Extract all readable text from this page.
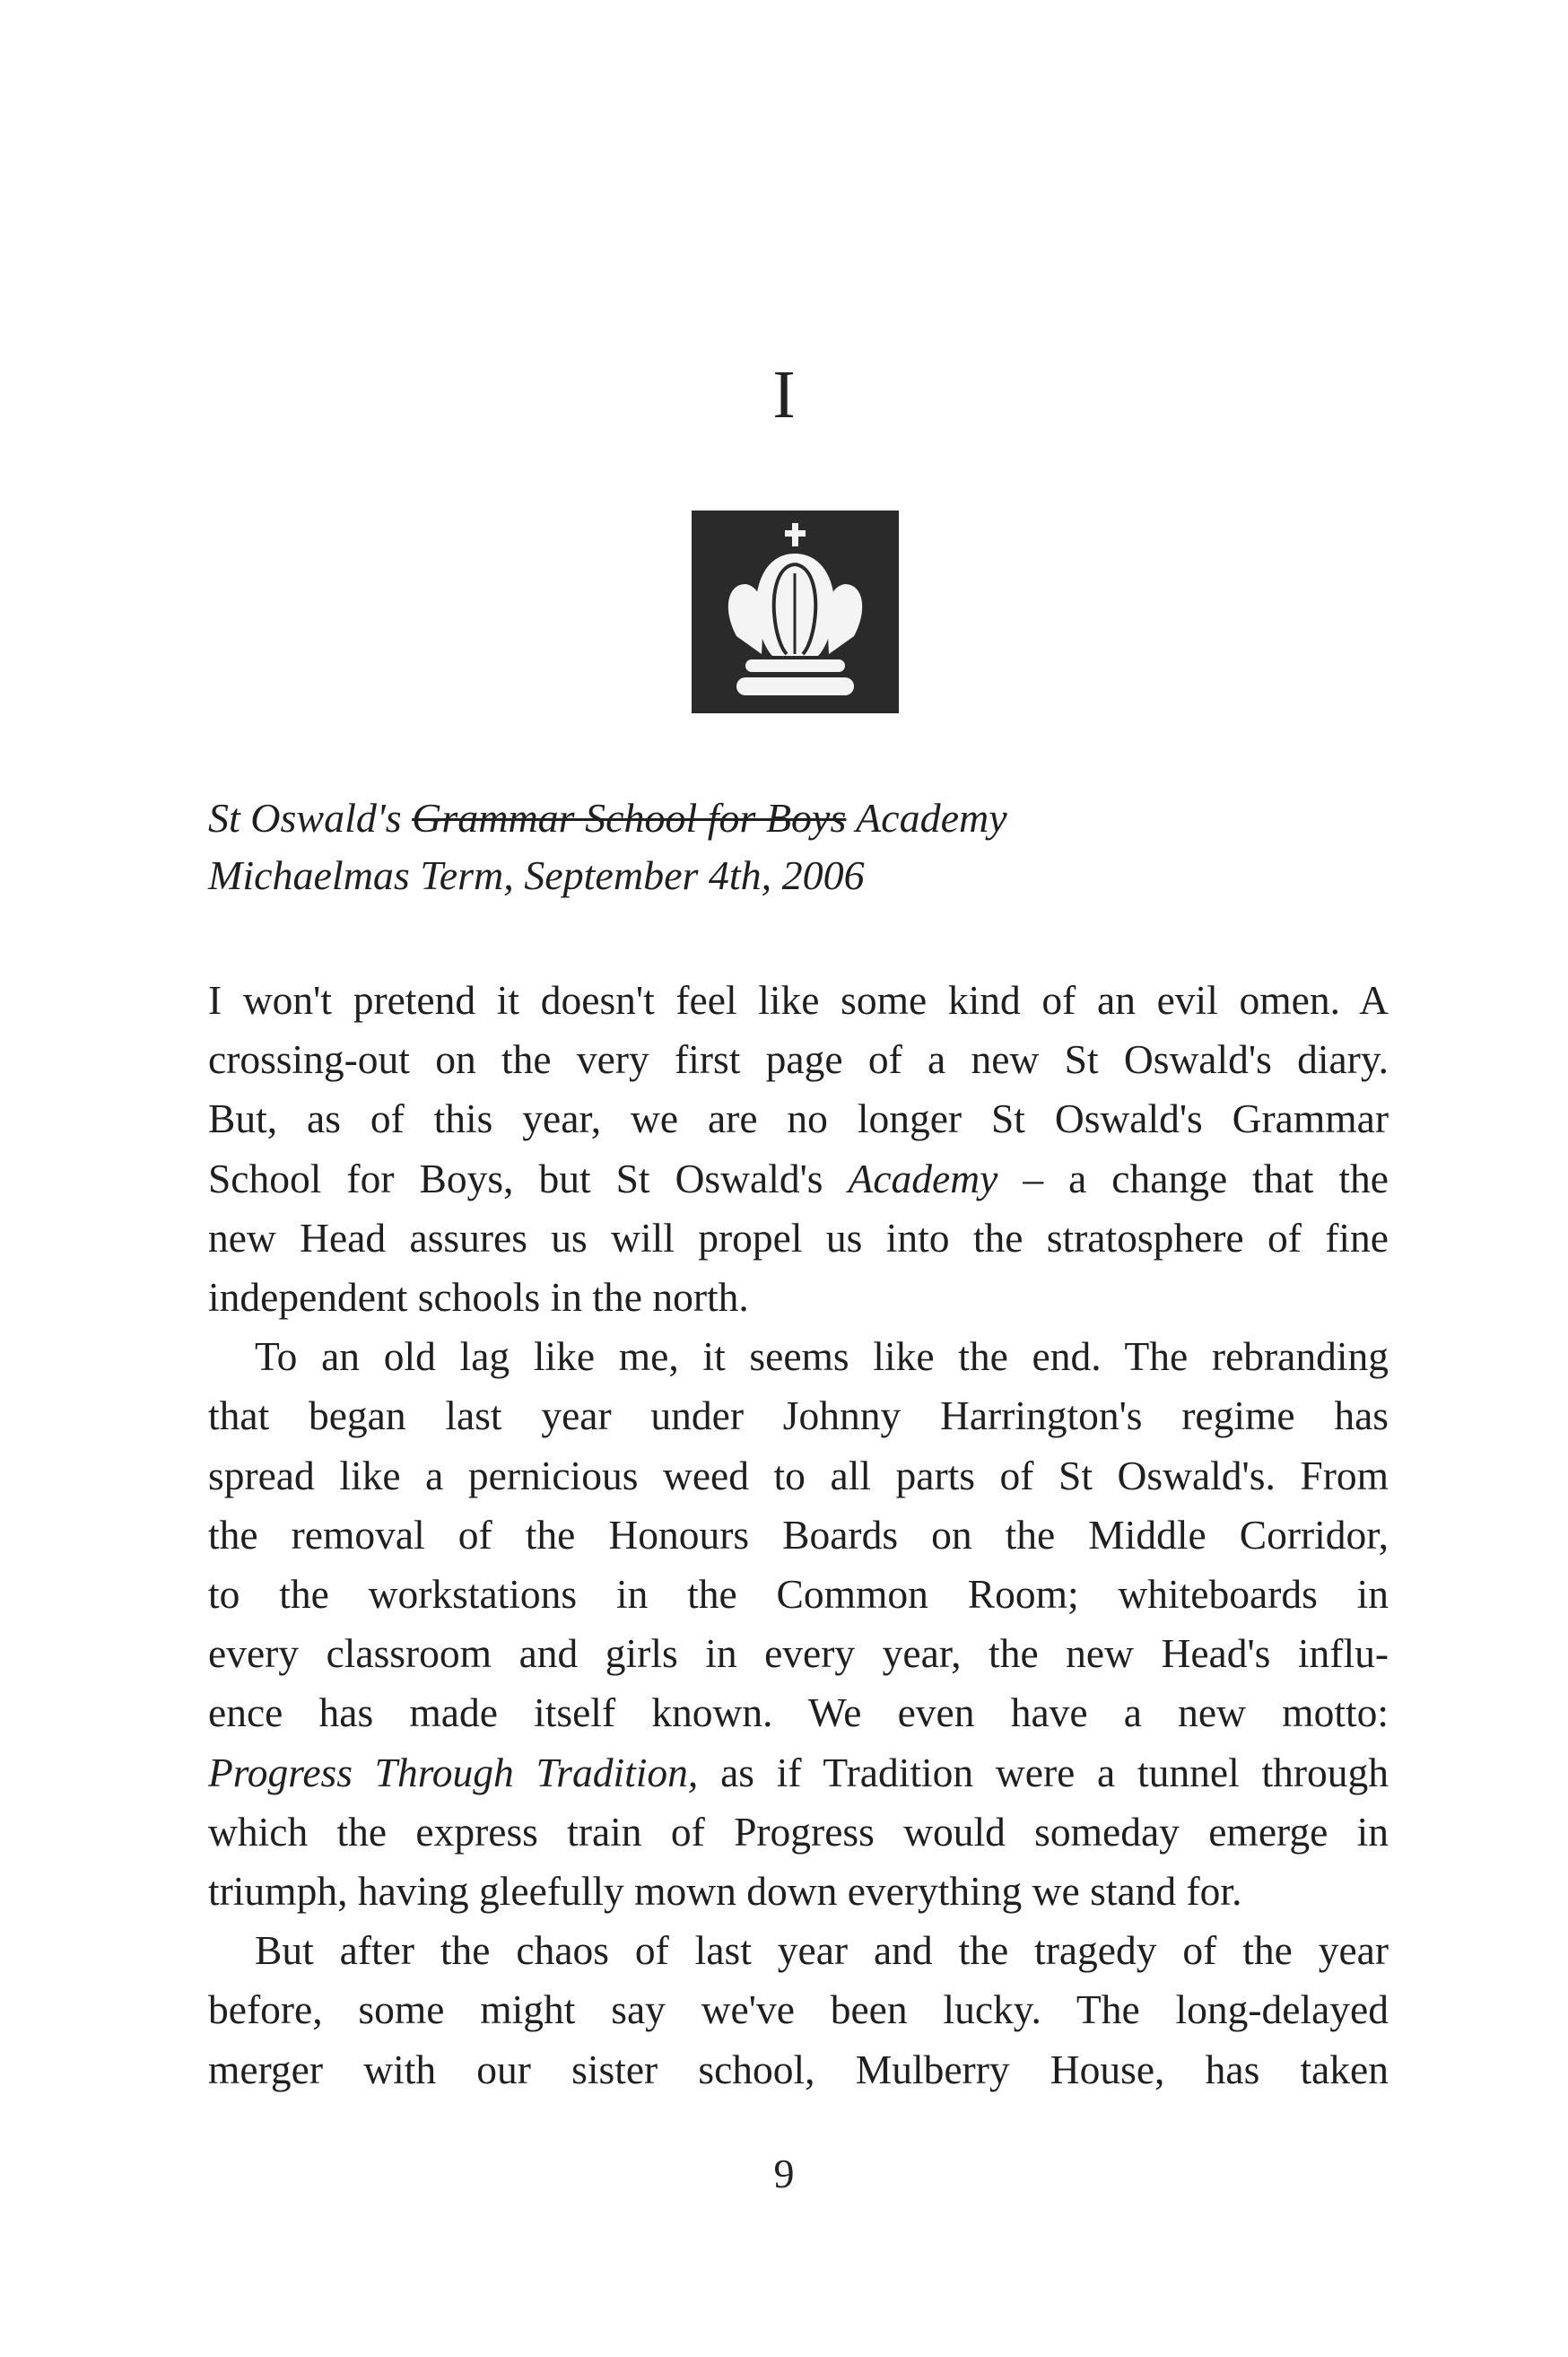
I
St Oswald's Grammar School for Boys Academy
Michaelmas Term, September 4th, 2006

I won't pretend it doesn't feel like some kind of an evil omen. A
crossing-out on the very first page of a new St Oswald's diary.
But, as of this year, we are no longer St Oswald's Grammar
School for Boys, but St Oswald's Academy – a change that the
new Head assures us will propel us into the stratosphere of fine
independent schools in the north.

To an old lag like me, it seems like the end. The rebranding
that began last year under Johnny Harrington's regime has
spread like a pernicious weed to all parts of St Oswald's. From
the removal of the Honours Boards on the Middle Corridor,
to the workstations in the Common Room; whiteboards in
every classroom and girls in every year, the new Head's influ-
ence has made itself known. We even have a new motto:
Progress Through Tradition, as if Tradition were a tunnel through
which the express train of Progress would someday emerge in
triumph, having gleefully mown down everything we stand for.

But after the chaos of last year and the tragedy of the year
before, some might say we've been lucky. The long-delayed
merger with our sister school, Mulberry House, has taken

9
